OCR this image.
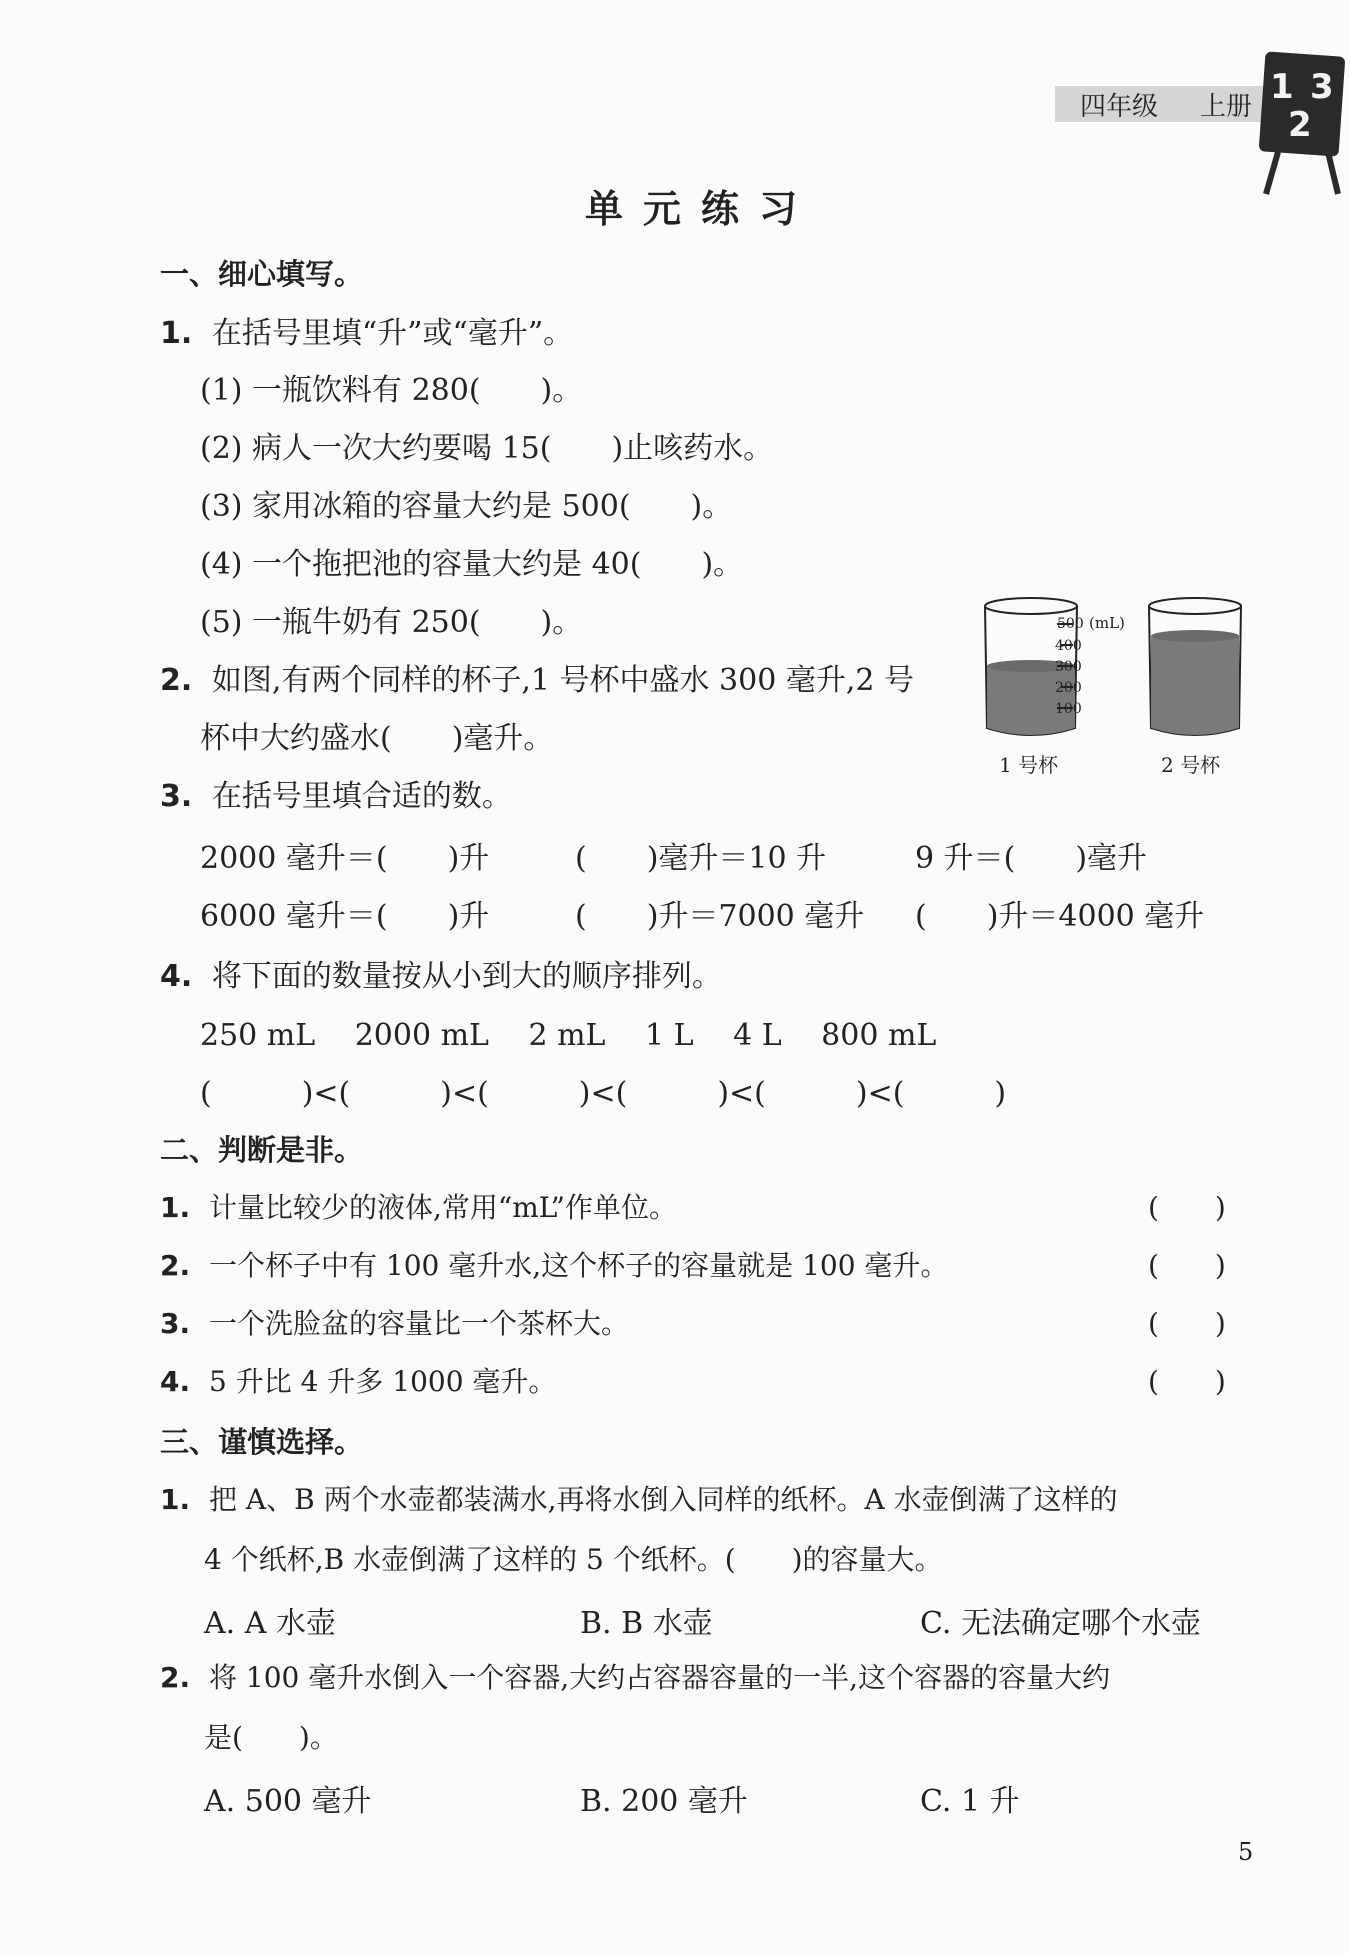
四年级 上册 1 3
2
单元练习
一、细心填写。
1. 在括号里填“升”或“毫升”。
(1) 一瓶饮料有 280(　　)。
(2) 病人一次大约要喝 15(　　)止咳药水。
(3) 家用冰箱的容量大约是 500(　　)。
(4) 一个拖把池的容量大约是 40(　　)。
(5) 一瓶牛奶有 250(　　)。
2. 如图,有两个同样的杯子,1 号杯中盛水 300 毫升,2 号
杯中大约盛水(　　)毫升。
500
400
300
200
100
(mL)
1 号杯	2 号杯
3. 在括号里填合适的数。
2000 毫升＝(　　)升	(　　)毫升＝10 升	9 升＝(　　)毫升
6000 毫升＝(　　)升	(　　)升＝7000 毫升 (　　)升＝4000 毫升
4. 将下面的数量按从小到大的顺序排列。
250 mL　 2000 mL　 2 mL　 1 L　 4 L　 800 mL
(　　　)<(　　　)<(　　　)<(　　　)<(　　　)<(　　　)
二、判断是非。
1. 计量比较少的液体,常用“mL”作单位。	(　　)
2. 一个杯子中有 100 毫升水,这个杯子的容量就是 100 毫升。	(　　)
3. 一个洗脸盆的容量比一个茶杯大。	(　　)
4. 5 升比 4 升多 1000 毫升。	(　　)
三、谨慎选择。
1. 把 A、B 两个水壶都装满水,再将水倒入同样的纸杯。A 水壶倒满了这样的
4 个纸杯,B 水壶倒满了这样的 5 个纸杯。(　　)的容量大。
A. A 水壶	B. B 水壶	C. 无法确定哪个水壶
2. 将 100 毫升水倒入一个容器,大约占容器容量的一半,这个容器的容量大约
是(　　)。
A. 500 毫升	B. 200 毫升	C. 1 升
5
